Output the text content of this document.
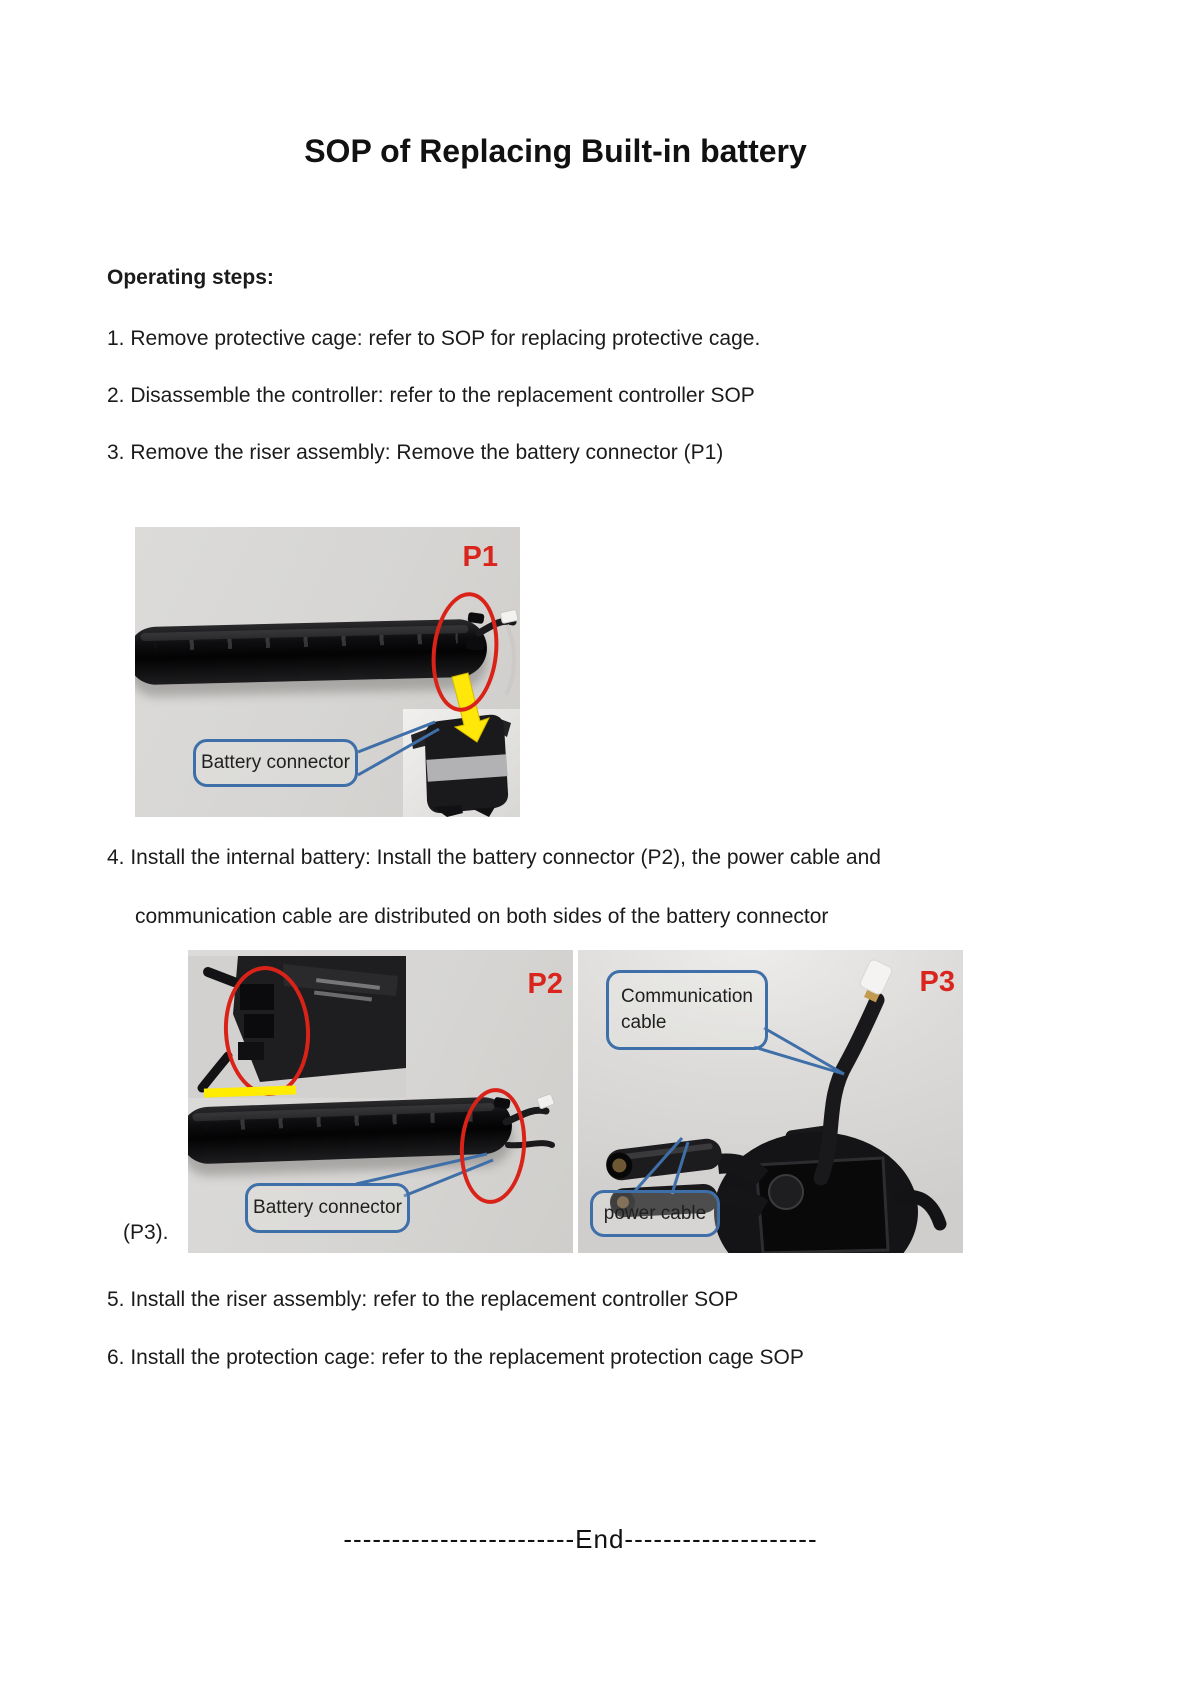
SOP of Replacing Built-in battery
Operating steps:
1. Remove protective cage: refer to SOP for replacing protective cage.
2. Disassemble the controller: refer to the replacement controller SOP
3. Remove the riser assembly: Remove the battery connector (P1)
P1
Battery connector
4. Install the internal battery: Install the battery connector (P2), the power cable and
communication cable are distributed on both sides of the battery connector
P2
Battery connector
P3
Communication cable
power cable
(P3).
5. Install the riser assembly: refer to the replacement controller SOP
6. Install the protection cage: refer to the replacement protection cage SOP
------------------------End--------------------
